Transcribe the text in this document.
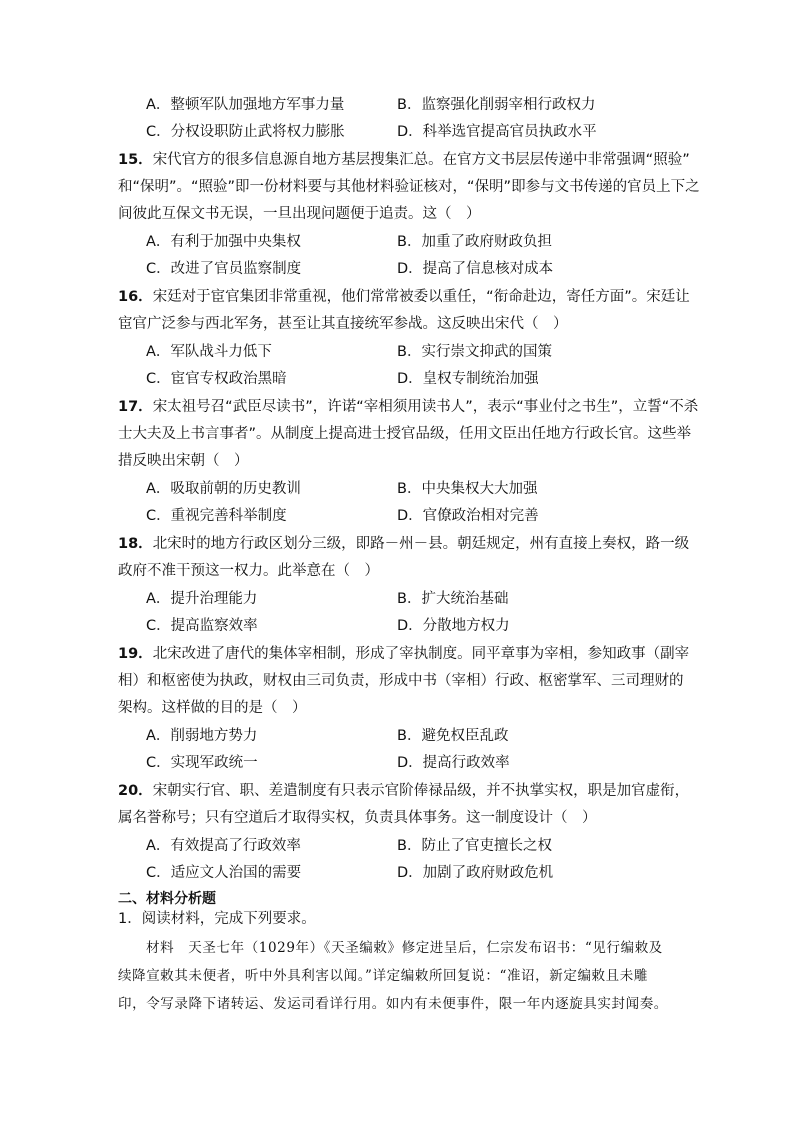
A．整顿军队加强地方军事力量	B．监察强化削弱宰相行政权力
C．分权设职防止武将权力膨胀	D．科举选官提高官员执政水平
15．宋代官方的很多信息源自地方基层搜集汇总。在官方文书层层传递中非常强调“照验”
和“保明”。“照验”即一份材料要与其他材料验证核对，“保明”即参与文书传递的官员上下之
间彼此互保文书无误，一旦出现问题便于追责。这（　）
A．有利于加强中央集权	B．加重了政府财政负担
C．改进了官员监察制度	D．提高了信息核对成本
16．宋廷对于宦官集团非常重视，他们常常被委以重任，“衔命赴边，寄任方面”。宋廷让
宦官广泛参与西北军务，甚至让其直接统军参战。这反映出宋代（　）
A．军队战斗力低下	B．实行崇文抑武的国策
C．宦官专权政治黑暗	D．皇权专制统治加强
17．宋太祖号召“武臣尽读书”，许诺“宰相须用读书人”，表示“事业付之书生”，立誓“不杀
士大夫及上书言事者”。从制度上提高进士授官品级，任用文臣出任地方行政长官。这些举
措反映出宋朝（　）
A．吸取前朝的历史教训	B．中央集权大大加强
C．重视完善科举制度	D．官僚政治相对完善
18．北宋时的地方行政区划分三级，即路－州－县。朝廷规定，州有直接上奏权，路一级
政府不准干预这一权力。此举意在（　）
A．提升治理能力	B．扩大统治基础
C．提高监察效率	D．分散地方权力
19．北宋改进了唐代的集体宰相制，形成了宰执制度。同平章事为宰相，参知政事（副宰
相）和枢密使为执政，财权由三司负责，形成中书（宰相）行政、枢密掌军、三司理财的
架构。这样做的目的是（　）
A．削弱地方势力	B．避免权臣乱政
C．实现军政统一	D．提高行政效率
20．宋朝实行官、职、差遣制度有只表示官阶俸禄品级，并不执掌实权，职是加官虚衔，
属名誉称号；只有空道后才取得实权，负责具体事务。这一制度设计（　）
A．有效提高了行政效率	B．防止了官吏擅长之权
C．适应文人治国的需要	D．加剧了政府财政危机
二、材料分析题
1．阅读材料，完成下列要求。
材料　天圣七年（1029年）《天圣编敕》修定进呈后，仁宗发布诏书：“见行编敕及
续降宣敕其未便者，听中外具利害以闻。”详定编敕所回复说：“准诏，新定编敕且未雕
印，令写录降下诸转运、发运司看详行用。如内有未便事件，限一年内逐旋具实封闻奏。
